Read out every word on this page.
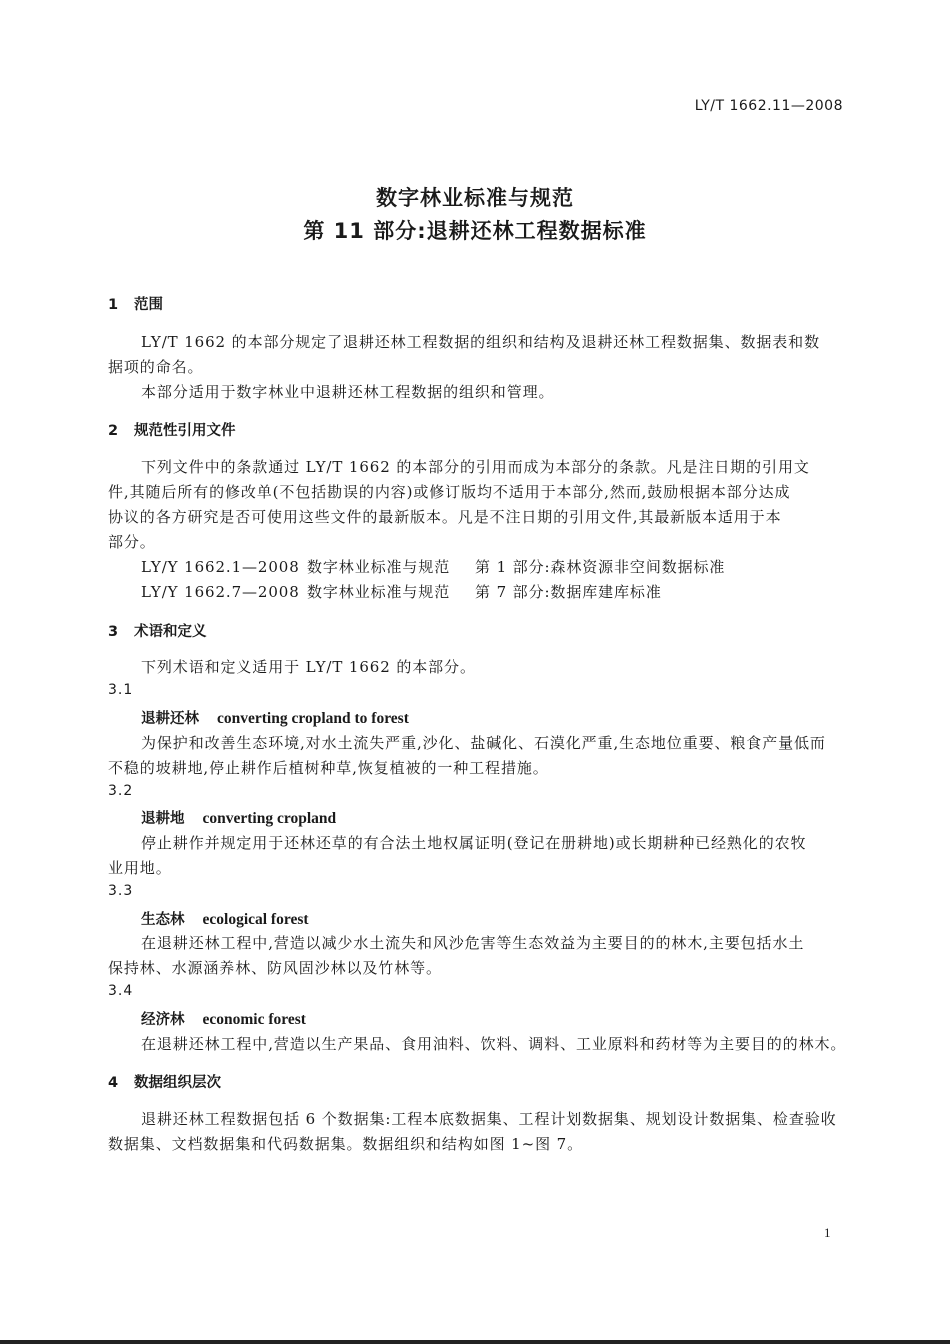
LY/T 1662.11—2008
数字林业标准与规范
第 11 部分:退耕还林工程数据标准
1 范围
LY/T 1662 的本部分规定了退耕还林工程数据的组织和结构及退耕还林工程数据集、数据表和数
据项的命名。
本部分适用于数字林业中退耕还林工程数据的组织和管理。
2 规范性引用文件
下列文件中的条款通过 LY/T 1662 的本部分的引用而成为本部分的条款。凡是注日期的引用文
件,其随后所有的修改单(不包括勘误的内容)或修订版均不适用于本部分,然而,鼓励根据本部分达成
协议的各方研究是否可使用这些文件的最新版本。凡是不注日期的引用文件,其最新版本适用于本
部分。
LY/Y 1662.1—2008 数字林业标准与规范 第 1 部分:森林资源非空间数据标准
LY/Y 1662.7—2008 数字林业标准与规范 第 7 部分:数据库建库标准
3 术语和定义
下列术语和定义适用于 LY/T 1662 的本部分。
3.1
退耕还林 converting cropland to forest
为保护和改善生态环境,对水土流失严重,沙化、盐碱化、石漠化严重,生态地位重要、粮食产量低而
不稳的坡耕地,停止耕作后植树种草,恢复植被的一种工程措施。
3.2
退耕地 converting cropland
停止耕作并规定用于还林还草的有合法土地权属证明(登记在册耕地)或长期耕种已经熟化的农牧
业用地。
3.3
生态林 ecological forest
在退耕还林工程中,营造以减少水土流失和风沙危害等生态效益为主要目的的林木,主要包括水土
保持林、水源涵养林、防风固沙林以及竹林等。
3.4
经济林 economic forest
在退耕还林工程中,营造以生产果品、食用油料、饮料、调料、工业原料和药材等为主要目的的林木。
4 数据组织层次
退耕还林工程数据包括 6 个数据集:工程本底数据集、工程计划数据集、规划设计数据集、检查验收
数据集、文档数据集和代码数据集。数据组织和结构如图 1~图 7。
1
